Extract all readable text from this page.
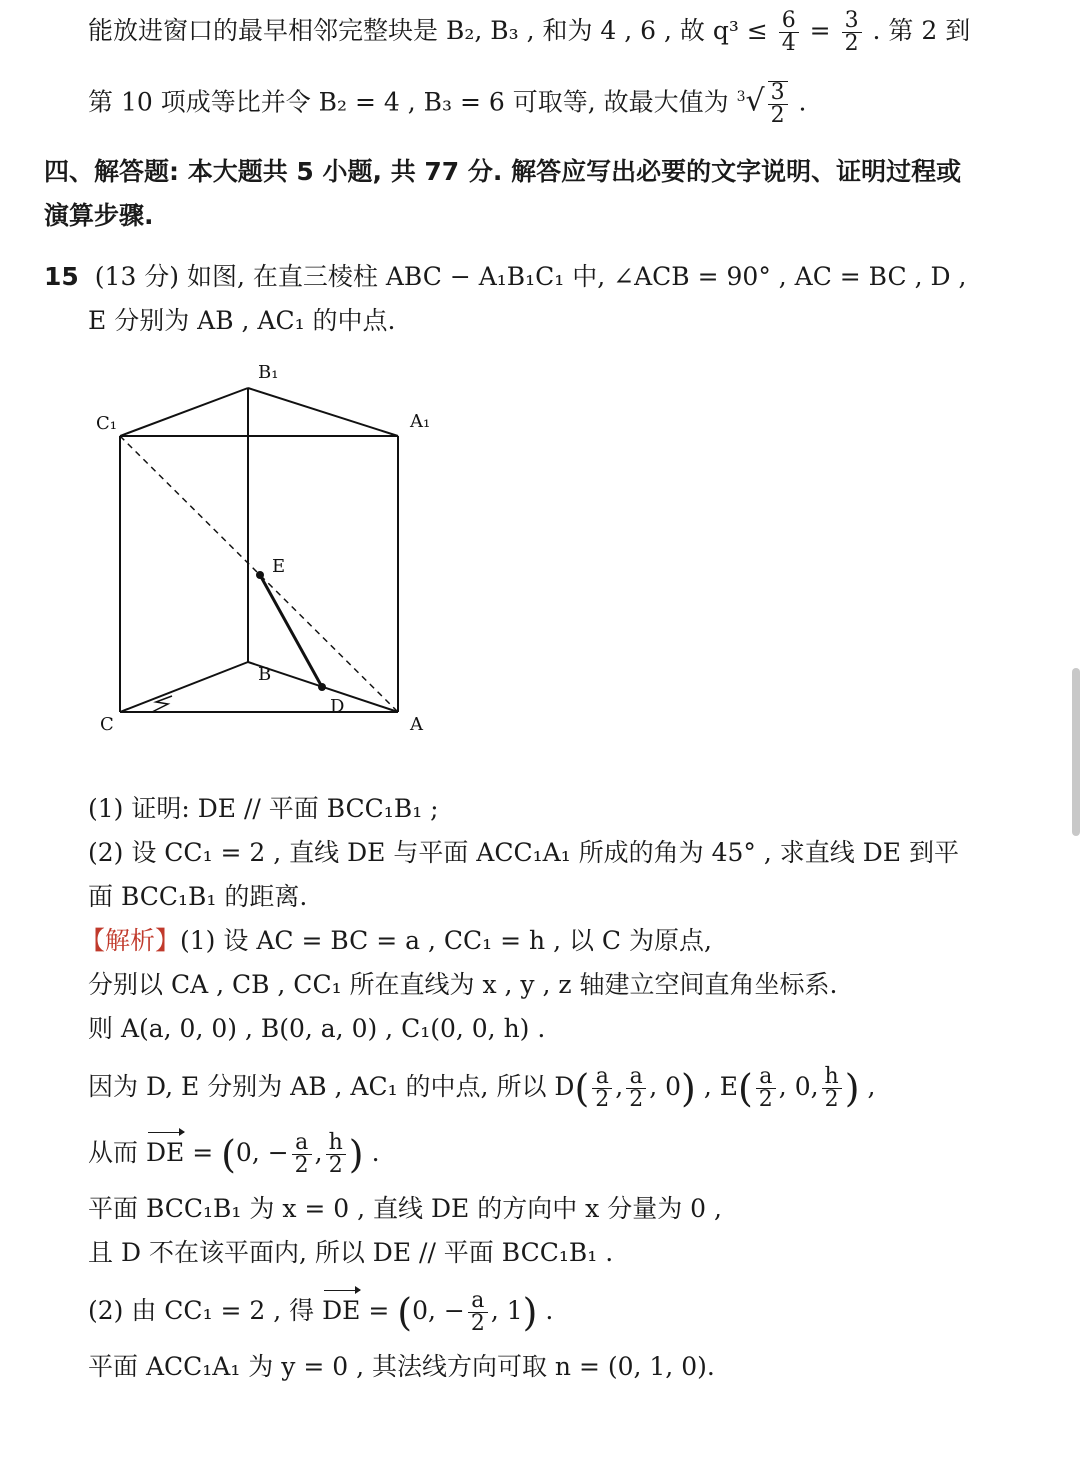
能放进窗口的最早相邻完整块是 B₂, B₃ , 和为 4 , 6 , 故 $q^3 \le \frac{6}{4} = \frac{3}{2}$ . 第 2 到
第 10 项成等比并令 B₂ = 4 , B₃ = 6 可取等, 故最大值为 $^3√ \frac{3}{2}$ .
四、解答题: 本大题共 5 小题, 共 77 分. 解答应写出必要的文字说明、证明过程或
演算步骤.
15 (13 分) 如图, 在直三棱柱 ABC − A₁B₁C₁ 中, ∠ACB = 90° , AC = BC , D ,
E 分别为 AB , AC₁ 的中点.
B₁
C₁	A₁
E
B
D
C	A
(1) 证明: DE // 平面 BCC₁B₁ ;
(2) 设 CC₁ = 2 , 直线 DE 与平面 ACC₁A₁ 所成的角为 45° , 求直线 DE 到平
面 BCC₁B₁ 的距离.
【解析】(1) 设 AC = BC = a , CC₁ = h , 以 C 为原点,
分别以 CA , CB , CC₁ 所在直线为 x , y , z 轴建立空间直角坐标系.
则 A(a, 0, 0) , B(0, a, 0) , C₁(0, 0, h) .
因为 D, E 分别为 AB , AC₁ 的中点, 所以 $D( \frac{a}{2}$ , $\frac{a}{2}$ , 0) , $E( \frac{a}{2}$ , 0, $\frac{h}{2}$ ) ,
从而 DE = (0, − $\frac{a}{2}$ , $\frac{h}{2}$ ) .
平面 BCC₁B₁ 为 x = 0 , 直线 DE 的方向中 x 分量为 0 ,
且 D 不在该平面内, 所以 DE // 平面 BCC₁B₁ .
(2) 由 CC₁ = 2 , 得 DE = (0, − $\frac{a}{2}$ , 1) .
平面 ACC₁A₁ 为 y = 0 , 其法线方向可取 n = (0, 1, 0).
